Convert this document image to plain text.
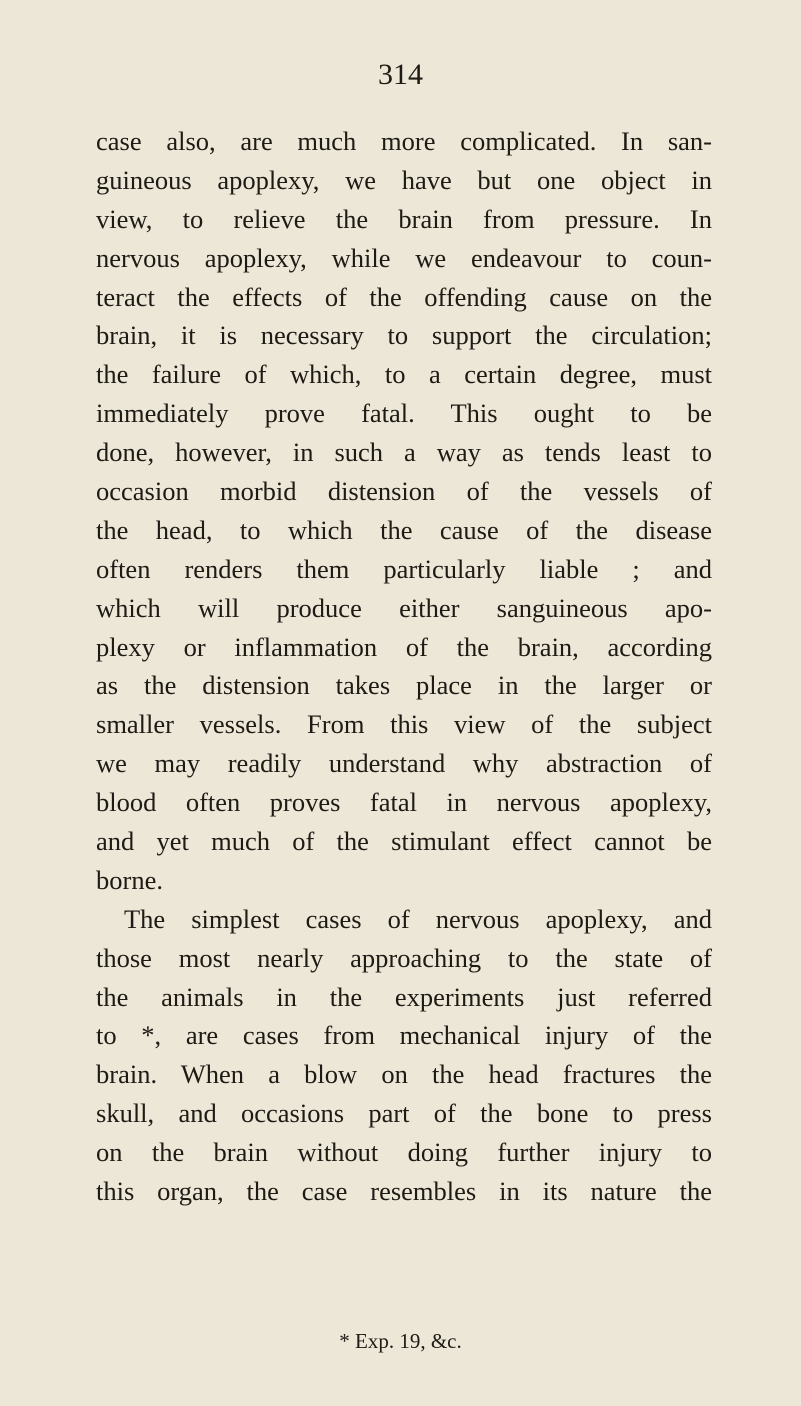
314
case also, are much more complicated. In san-
guineous apoplexy, we have but one object in
view, to relieve the brain from pressure. In
nervous apoplexy, while we endeavour to coun-
teract the effects of the offending cause on the
brain, it is necessary to support the circulation;
the failure of which, to a certain degree, must
immediately prove fatal. This ought to be
done, however, in such a way as tends least to
occasion morbid distension of the vessels of
the head, to which the cause of the disease
often renders them particularly liable ; and
which will produce either sanguineous apo-
plexy or inflammation of the brain, according
as the distension takes place in the larger or
smaller vessels. From this view of the subject
we may readily understand why abstraction of
blood often proves fatal in nervous apoplexy,
and yet much of the stimulant effect cannot be
borne.
The simplest cases of nervous apoplexy, and
those most nearly approaching to the state of
the animals in the experiments just referred
to *, are cases from mechanical injury of the
brain. When a blow on the head fractures the
skull, and occasions part of the bone to press
on the brain without doing further injury to
this organ, the case resembles in its nature the
* Exp. 19, &c.
